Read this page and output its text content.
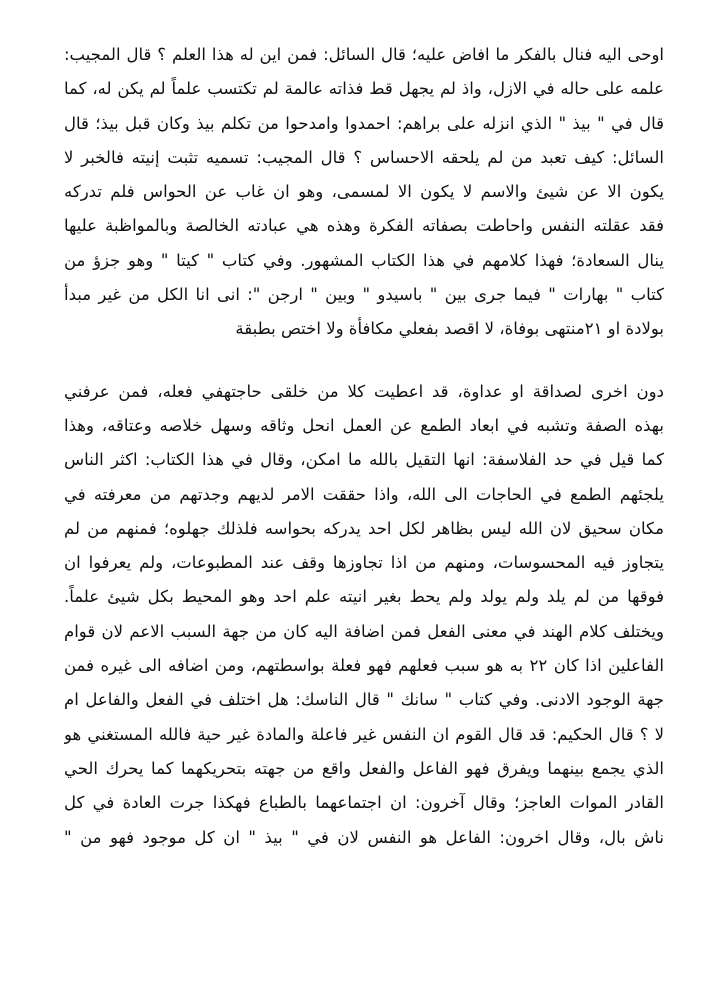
اوحى اليه فنال بالفكر ما افاض عليه؛ قال السائل: فمن اين له هذا العلم ؟ قال المجيب:
علمه على حاله في الازل، واذ لم يجهل قط فذاته عالمة لم تكتسب علماً لم يكن له، كما
قال في " بيذ " الذي انزله على براهم: احمدوا وامدحوا من تكلم بيذ وكان قبل بيذ؛ قال
السائل: كيف تعبد من لم يلحقه الاحساس ؟ قال المجيب: تسميه تثبت إنيته فالخبر لا
يكون الا عن شيئ والاسم لا يكون الا لمسمى، وهو ان غاب عن الحواس فلم تدركه
فقد عقلته النفس واحاطت بصفاته الفكرة وهذه هي عبادته الخالصة وبالمواظبة عليها
ينال السعادة؛ فهذا كلامهم في هذا الكتاب المشهور. وفي كتاب " كيتا " وهو جزؤ من
كتاب " بهارات " فيما جرى بين " باسيدو " وبين " ارجن ": انى انا الكل من غير مبدأ
بولادة او ٢١منتهى بوفاة، لا اقصد بفعلي مكافأة ولا اختص بطبقة
دون اخرى لصداقة او عداوة، قد اعطيت كلا من خلقى حاجتهفي فعله، فمن عرفني
بهذه الصفة وتشبه في ابعاد الطمع عن العمل انحل وثاقه وسهل خلاصه وعتاقه، وهذا
كما قيل في حد الفلاسفة: انها التقيل بالله ما امكن، وقال في هذا الكتاب: اكثر الناس
يلجئهم الطمع في الحاجات الى الله، واذا حققت الامر لديهم وجدتهم من معرفته في
مكان سحيق لان الله ليس بظاهر لكل احد يدركه بحواسه فلذلك جهلوه؛ فمنهم من لم
يتجاوز فيه المحسوسات، ومنهم من اذا تجاوزها وقف عند المطبوعات، ولم يعرفوا ان
فوقها من لم يلد ولم يولد ولم يحط بغير انيته علم احد وهو المحيط بكل شيئ علماً.
ويختلف كلام الهند في معنى الفعل فمن اضافة اليه كان من جهة السبب الاعم لان قوام
الفاعلين اذا كان ٢٢ به هو سبب فعلهم فهو فعلة بواسطتهم، ومن اضافه الى غيره فمن
جهة الوجود الادنى. وفي كتاب " سانك " قال الناسك: هل اختلف في الفعل والفاعل ام
لا ؟ قال الحكيم: قد قال القوم ان النفس غير فاعلة والمادة غير حية فالله المستغني هو
الذي يجمع بينهما ويفرق فهو الفاعل والفعل واقع من جهته بتحريكهما كما يحرك الحي
القادر الموات العاجز؛ وقال آخرون: ان اجتماعهما بالطباع فهكذا جرت العادة في كل
ناش بال، وقال اخرون: الفاعل هو النفس لان في " بيذ " ان كل موجود فهو من "
